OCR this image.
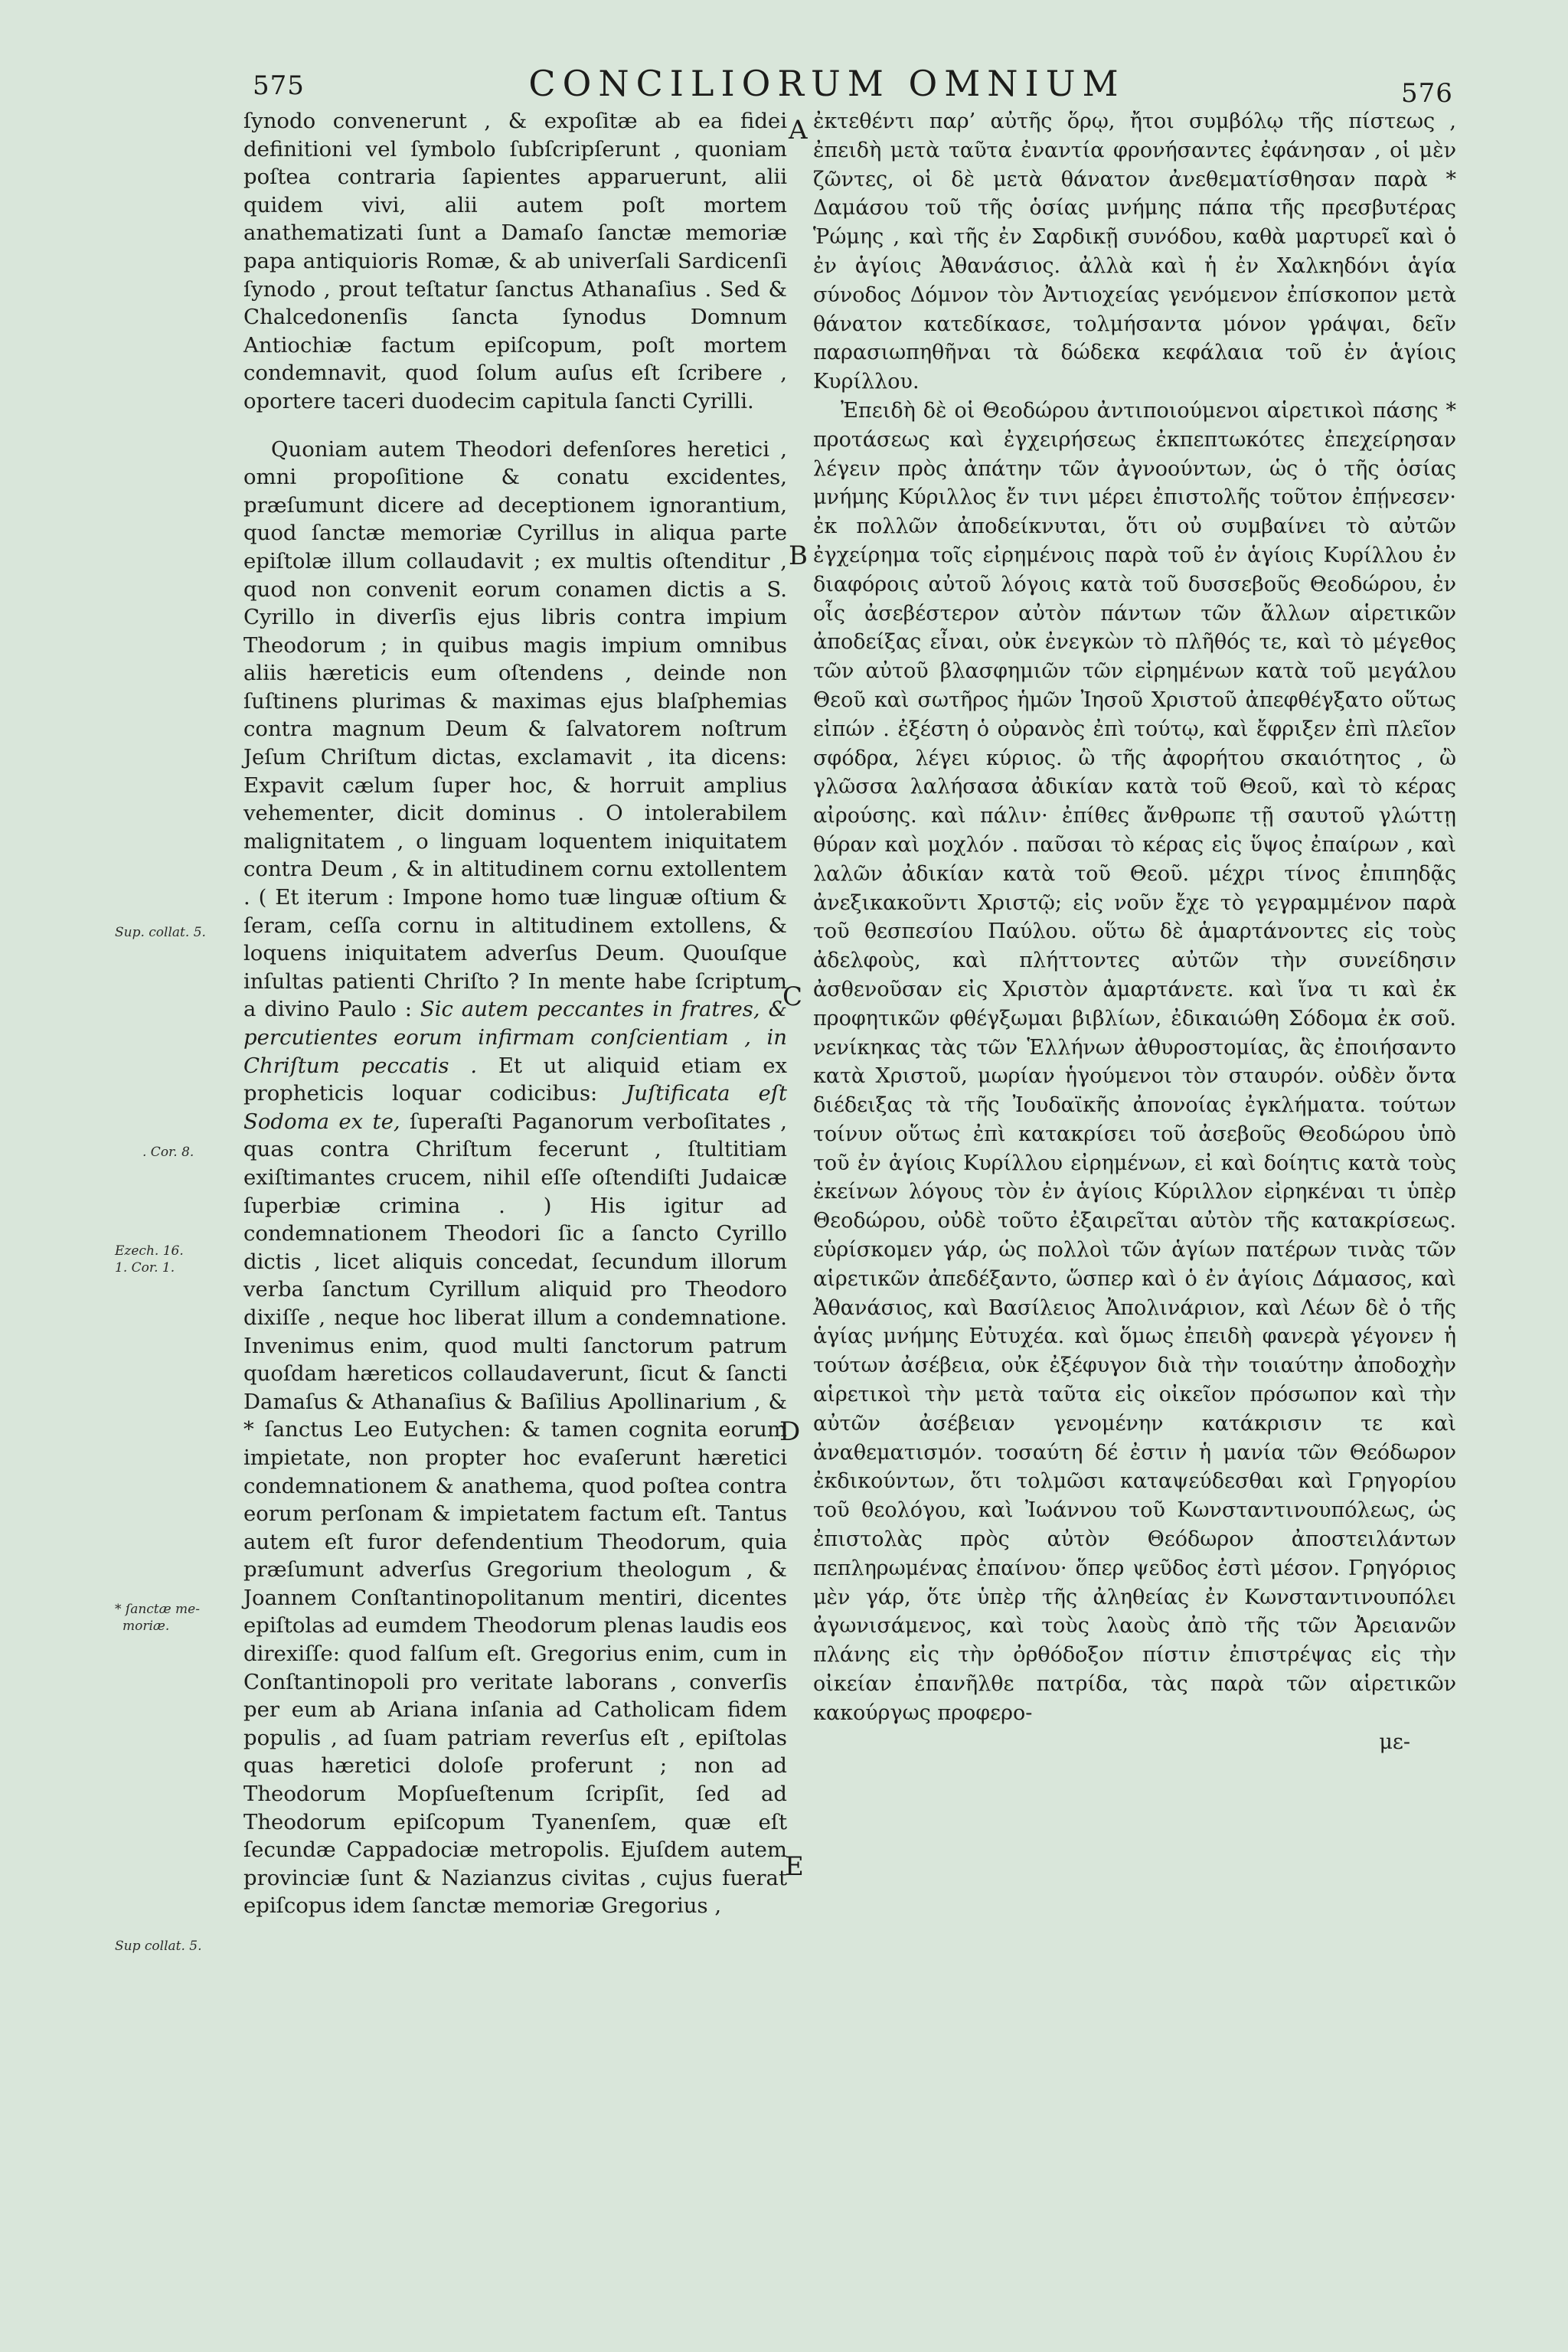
575	CONCILIORUM OMNIUM	576

ſynodo convenerunt , & expoſitæ ab ea fidei definitioni vel ſymbolo ſubſcripſerunt , quoniam poſtea contraria ſapientes apparuerunt, alii quidem vivi, alii autem poſt mortem anathematizati ſunt a Damaſo ſanctæ memoriæ papa antiquioris Romæ, & ab univerſali Sardicenſi ſynodo , prout teſtatur ſanctus Athanaſius . Sed & Chalcedonenſis ſancta ſynodus Domnum Antiochiæ factum epiſcopum, poſt mortem condemnavit, quod ſolum auſus eſt ſcribere , oportere taceri duodecim capitula ſancti Cyrilli.

Quoniam autem Theodori defenſores heretici , omni propoſitione & conatu excidentes, præſumunt dicere ad deceptionem ignorantium, quod ſanctæ memoriæ Cyrillus in aliqua parte epiſtolæ illum collaudavit ; ex multis oſtenditur , quod non convenit eorum conamen dictis a S. Cyrillo in diverſis ejus libris contra impium Theodorum ; in quibus magis impium omnibus aliis hæreticis eum oſtendens , deinde non ſuſtinens plurimas & maximas ejus blaſphemias contra magnum Deum & ſalvatorem noſtrum Jeſum Chriſtum dictas, exclamavit , ita dicens: Expavit cælum ſuper hoc, & horruit amplius vehementer, dicit dominus . O intolerabilem malignitatem , o linguam loquentem iniquitatem contra Deum , & in altitudinem cornu extollentem . ( Et iterum : Impone homo tuæ linguæ oſtium & ſeram, ceſſa cornu in altitudinem extollens, & loquens iniquitatem adverſus Deum. Quouſque inſultas patienti Chriſto ? In mente habe ſcriptum a divino Paulo : Sic autem peccantes in fratres, & percutientes eorum infirmam conſcientiam , in Chriſtum peccatis . Et ut aliquid etiam ex propheticis loquar codicibus: Juſtificata eſt Sodoma ex te, ſuperaſti Paganorum verboſitates , quas contra Chriſtum fecerunt , ſtultitiam exiſtimantes crucem, nihil eſſe oſtendiſti Judaicæ ſuperbiæ crimina . ) His igitur ad condemnationem Theodori ſic a ſancto Cyrillo dictis , licet aliquis concedat, ſecundum illorum verba ſanctum Cyrillum aliquid pro Theodoro dixiſſe , neque hoc liberat illum a condemnatione. Invenimus enim, quod multi ſanctorum patrum quoſdam hæreticos collaudaverunt, ſicut & ſancti Damaſus & Athanaſius & Baſilius Apollinarium , & * ſanctus Leo Eutychen: & tamen cognita eorum impietate, non propter hoc evaſerunt hæretici condemnationem & anathema, quod poſtea contra eorum perſonam & impietatem factum eſt. Tantus autem eſt furor defendentium Theodorum, quia præſumunt adverſus Gregorium theologum , & Joannem Conſtantinopolitanum mentiri, dicentes epiſtolas ad eumdem Theodorum plenas laudis eos direxiſſe: quod falſum eſt. Gregorius enim, cum in Conſtantinopoli pro veritate laborans , converſis per eum ab Ariana inſania ad Catholicam fidem populis , ad ſuam patriam reverſus eſt , epiſtolas quas hæretici doloſe proferunt ; non ad Theodorum Mopſueſtenum ſcripſit, ſed ad Theodorum epiſcopum Tyanenſem, quæ eſt ſecundæ Cappadociæ metropolis. Ejuſdem autem provinciæ ſunt & Nazianzus civitas , cujus fuerat epiſcopus idem ſanctæ memoriæ Gregorius ,

Sup. collat. 5.
. Cor. 8.
Ezech. 16.
1. Cor. 1.
* ſanctæ me-
moriæ.
Sup collat. 5.
A
B
C
D
E

ἐκτεθέντι παρ’ αὐτῆς ὅρῳ, ἤτοι συμβόλῳ τῆς πίστεως , ἐπειδὴ μετὰ ταῦτα ἐναντία φρονήσαντες ἐφάνησαν , οἱ μὲν ζῶντες, οἱ δὲ μετὰ θάνατον ἀνεθεματίσθησαν παρὰ * Δαμάσου τοῦ τῆς ὁσίας μνήμης πάπα τῆς πρεσβυτέρας Ῥώμης , καὶ τῆς ἐν Σαρδικῇ συνόδου, καθὰ μαρτυρεῖ καὶ ὁ ἐν ἁγίοις Ἀθανάσιος. ἀλλὰ καὶ ἡ ἐν Χαλκηδόνι ἁγία σύνοδος Δόμνον τὸν Ἀντιοχείας γενόμενον ἐπίσκοπον μετὰ θάνατον κατεδίκασε, τολμήσαντα μόνον γράψαι, δεῖν παρασιωπηθῆναι τὰ δώδεκα κεφάλαια τοῦ ἐν ἁγίοις Κυρίλλου.

Ἐπειδὴ δὲ οἱ Θεοδώρου ἀντιποιούμενοι αἱρετικοὶ πάσης * προτάσεως καὶ ἐγχειρήσεως ἐκπεπτωκότες ἐπεχείρησαν λέγειν πρὸς ἀπάτην τῶν ἀγνοούντων, ὡς ὁ τῆς ὁσίας μνήμης Κύριλλος ἔν τινι μέρει ἐπιστολῆς τοῦτον ἐπῄνεσεν· ἐκ πολλῶν ἀποδείκνυται, ὅτι οὐ συμβαίνει τὸ αὐτῶν ἐγχείρημα τοῖς εἰρημένοις παρὰ τοῦ ἐν ἁγίοις Κυρίλλου ἐν διαφόροις αὐτοῦ λόγοις κατὰ τοῦ δυσσεβοῦς Θεοδώρου, ἐν οἷς ἀσεβέστερον αὐτὸν πάντων τῶν ἄλλων αἱρετικῶν ἀποδείξας εἶναι, οὐκ ἐνεγκὼν τὸ πλῆθός τε, καὶ τὸ μέγεθος τῶν αὐτοῦ βλασφημιῶν τῶν εἰρημένων κατὰ τοῦ μεγάλου Θεοῦ καὶ σωτῆρος ἡμῶν Ἰησοῦ Χριστοῦ ἀπεφθέγξατο οὕτως εἰπών . ἐξέστη ὁ οὐρανὸς ἐπὶ τούτῳ, καὶ ἔφριξεν ἐπὶ πλεῖον σφόδρα, λέγει κύριος. ὢ τῆς ἀφορήτου σκαιότητος , ὢ γλῶσσα λαλήσασα ἀδικίαν κατὰ τοῦ Θεοῦ, καὶ τὸ κέρας αἰρούσης. καὶ πάλιν· ἐπίθες ἄνθρωπε τῇ σαυτοῦ γλώττῃ θύραν καὶ μοχλόν . παῦσαι τὸ κέρας εἰς ὕψος ἐπαίρων , καὶ λαλῶν ἀδικίαν κατὰ τοῦ Θεοῦ. μέχρι τίνος ἐπιπηδᾷς ἀνεξικακοῦντι Χριστῷ; εἰς νοῦν ἔχε τὸ γεγραμμένον παρὰ τοῦ θεσπεσίου Παύλου. οὕτω δὲ ἁμαρτάνοντες εἰς τοὺς ἀδελφοὺς, καὶ πλήττοντες αὐτῶν τὴν συνείδησιν ἀσθενοῦσαν εἰς Χριστὸν ἁμαρτάνετε. καὶ ἵνα τι καὶ ἐκ προφητικῶν φθέγξωμαι βιβλίων, ἐδικαιώθη Σόδομα ἐκ σοῦ. νενίκηκας τὰς τῶν Ἑλλήνων ἀθυροστομίας, ἃς ἐποιήσαντο κατὰ Χριστοῦ, μωρίαν ἡγούμενοι τὸν σταυρόν. οὐδὲν ὄντα διέδειξας τὰ τῆς Ἰουδαϊκῆς ἀπονοίας ἐγκλήματα. τούτων τοίνυν οὕτως ἐπὶ κατακρίσει τοῦ ἀσεβοῦς Θεοδώρου ὑπὸ τοῦ ἐν ἁγίοις Κυρίλλου εἰρημένων, εἰ καὶ δοίητις κατὰ τοὺς ἐκείνων λόγους τὸν ἐν ἁγίοις Κύριλλον εἰρηκέναι τι ὑπὲρ Θεοδώρου, οὐδὲ τοῦτο ἐξαιρεῖται αὐτὸν τῆς κατακρίσεως. εὑρίσκομεν γάρ, ὡς πολλοὶ τῶν ἁγίων πατέρων τινὰς τῶν αἱρετικῶν ἀπεδέξαντο, ὥσπερ καὶ ὁ ἐν ἁγίοις Δάμασος, καὶ Ἀθανάσιος, καὶ Βασίλειος Ἀπολινάριον, καὶ Λέων δὲ ὁ τῆς ἁγίας μνήμης Εὐτυχέα. καὶ ὅμως ἐπειδὴ φανερὰ γέγονεν ἡ τούτων ἀσέβεια, οὐκ ἐξέφυγον διὰ τὴν τοιαύτην ἀποδοχὴν αἱρετικοὶ τὴν μετὰ ταῦτα εἰς οἰκεῖον πρόσωπον καὶ τὴν αὐτῶν ἀσέβειαν γενομένην κατάκρισιν τε καὶ ἀναθεματισμόν. τοσαύτη δέ ἐστιν ἡ μανία τῶν Θεόδωρον ἐκδικούντων, ὅτι τολμῶσι καταψεύδεσθαι καὶ Γρηγορίου τοῦ θεολόγου, καὶ Ἰωάννου τοῦ Κωνσταντινουπόλεως, ὡς ἐπιστολὰς πρὸς αὐτὸν Θεόδωρον ἀποστειλάντων πεπληρωμένας ἐπαίνου· ὅπερ ψεῦδος ἐστὶ μέσον. Γρηγόριος μὲν γάρ, ὅτε ὑπὲρ τῆς ἀληθείας ἐν Κωνσταντινουπόλει ἀγωνισάμενος, καὶ τοὺς λαοὺς ἀπὸ τῆς τῶν Ἀρειανῶν πλάνης εἰς τὴν ὀρθόδοξον πίστιν ἐπιστρέψας εἰς τὴν οἰκείαν ἐπανῆλθε πατρίδα, τὰς παρὰ τῶν αἱρετικῶν κακούργως προφερο-

με-
